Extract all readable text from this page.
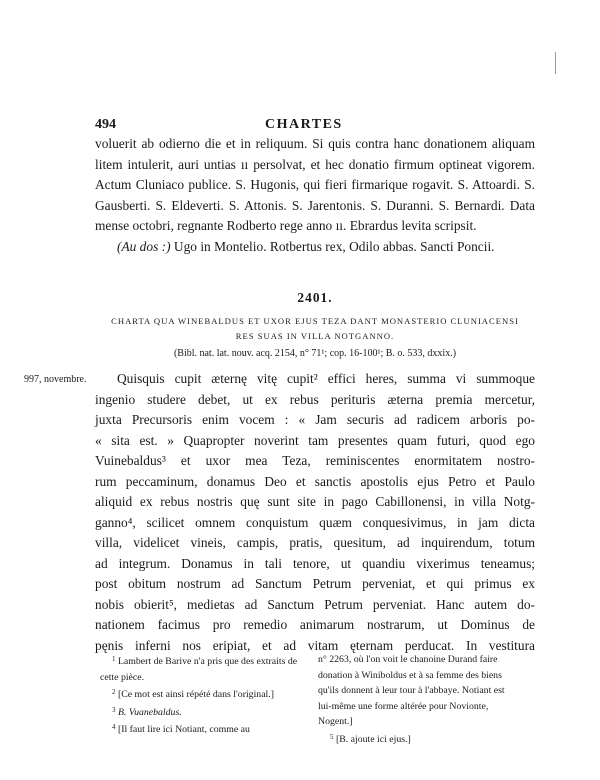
494	CHARTES

voluerit ab odierno die et in reliquum. Si quis contra hanc donationem aliquam litem intulerit, auri untias ıı persolvat, et hec donatio firmum optineat vigorem. Actum Cluniaco publice. S. Hugonis, qui fieri firmarique rogavit. S. Attoardi. S. Gausberti. S. Eldeverti. S. Attonis. S. Jarentonis. S. Duranni. S. Bernardi. Data mense octobri, regnante Rodberto rege anno ıı. Ebrardus levita scripsit.

(Au dos :) Ugo in Montelio. Rotbertus rex, Odilo abbas. Sancti Poncii.

2401.
CHARTA QUA WINEBALDUS ET UXOR EJUS TEZA DANT MONASTERIO CLUNIACENSI
RES SUAS IN VILLA NOTGANNO.
(Bibl. nat. lat. nouv. acq. 2154, n° 71¹; cop. 16-100¹; B. o. 533, dxxix.)
997, novembre.	Quisquis cupit æternę vitę cupit² effici heres, summa vi summoque
ingenio studere debet, ut ex rebus perituris æterna premia mercetur,
juxta Precursoris enim vocem : « Jam securis ad radicem arboris po-
« sita est. » Quapropter noverint tam presentes quam futuri, quod ego
Vuinebaldus³ et uxor mea Teza, reminiscentes enormitatem nostro-
rum peccaminum, donamus Deo et sanctis apostolis ejus Petro et Paulo
aliquid ex rebus nostris quę sunt site in pago Cabillonensi, in villa Notg-
ganno⁴, scilicet omnem conquistum quæm conquesivimus, in jam dicta
villa, videlicet vineis, campis, pratis, quesitum, ad inquirendum, totum
ad integrum. Donamus in tali tenore, ut quandiu vixerimus teneamus;
post obitum nostrum ad Sanctum Petrum perveniat, et qui primus ex
nobis obierit⁵, medietas ad Sanctum Petrum perveniat. Hanc autem do-
nationem facimus pro remedio animarum nostrarum, ut Dominus de
pęnis inferni nos eripiat, et ad vitam ęternam perducat. In vestitura
$^1$ Lambert de Barive n'a pris que des extraits de cette pièce.
$^2$ [Ce mot est ainsi répété dans l'original.]
$^3$ B. Vuanebaldus.
$^4$ [Il faut lire ici Notiant, comme au
n° 2263, où l'on voit le chanoine Durand faire donation à Winiboldus et à sa femme des biens qu'ils donnent à leur tour à l'abbaye. Notiant est lui-même une forme altérée pour Novionte, Nogent.]
$^5$ [B. ajoute ici ejus.]
